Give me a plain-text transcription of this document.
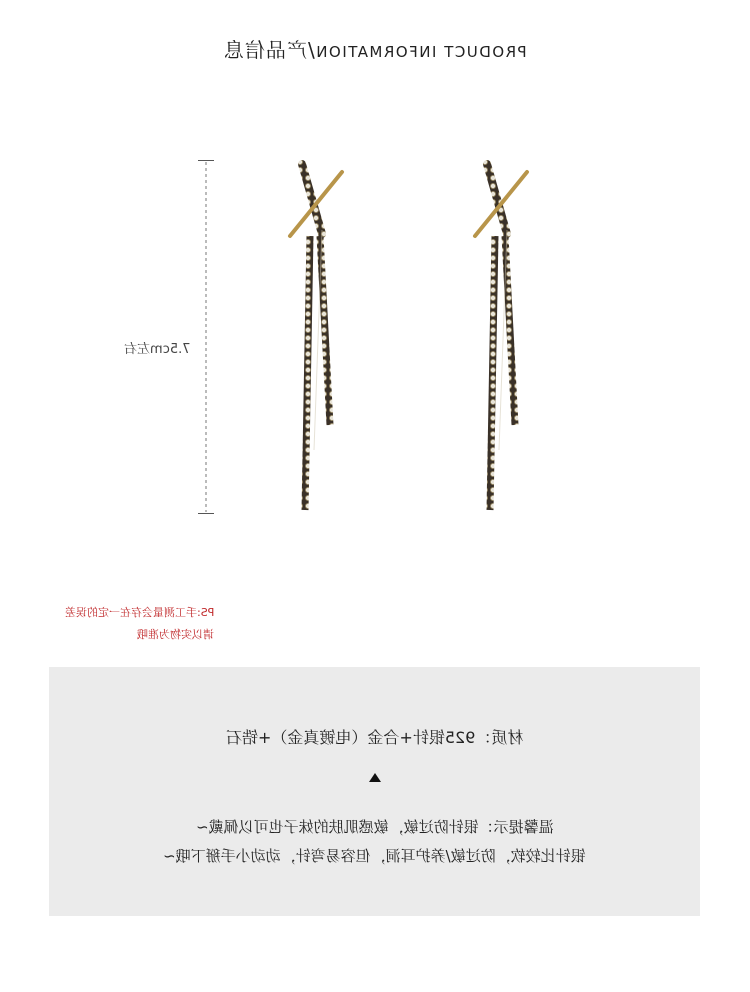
PRODUCT INFORMATION/产品信息
7.5cm左右
PS:手工测量会存在一定的误差
请以实物为准哦
材质：925银针+合金（电镀真金）+锆石
温馨提示：银针防过敏，敏感肌肤的妹子也可以佩戴~
银针比较软，防过敏/养护耳洞，但容易弯针，动动小手掰下哦~
